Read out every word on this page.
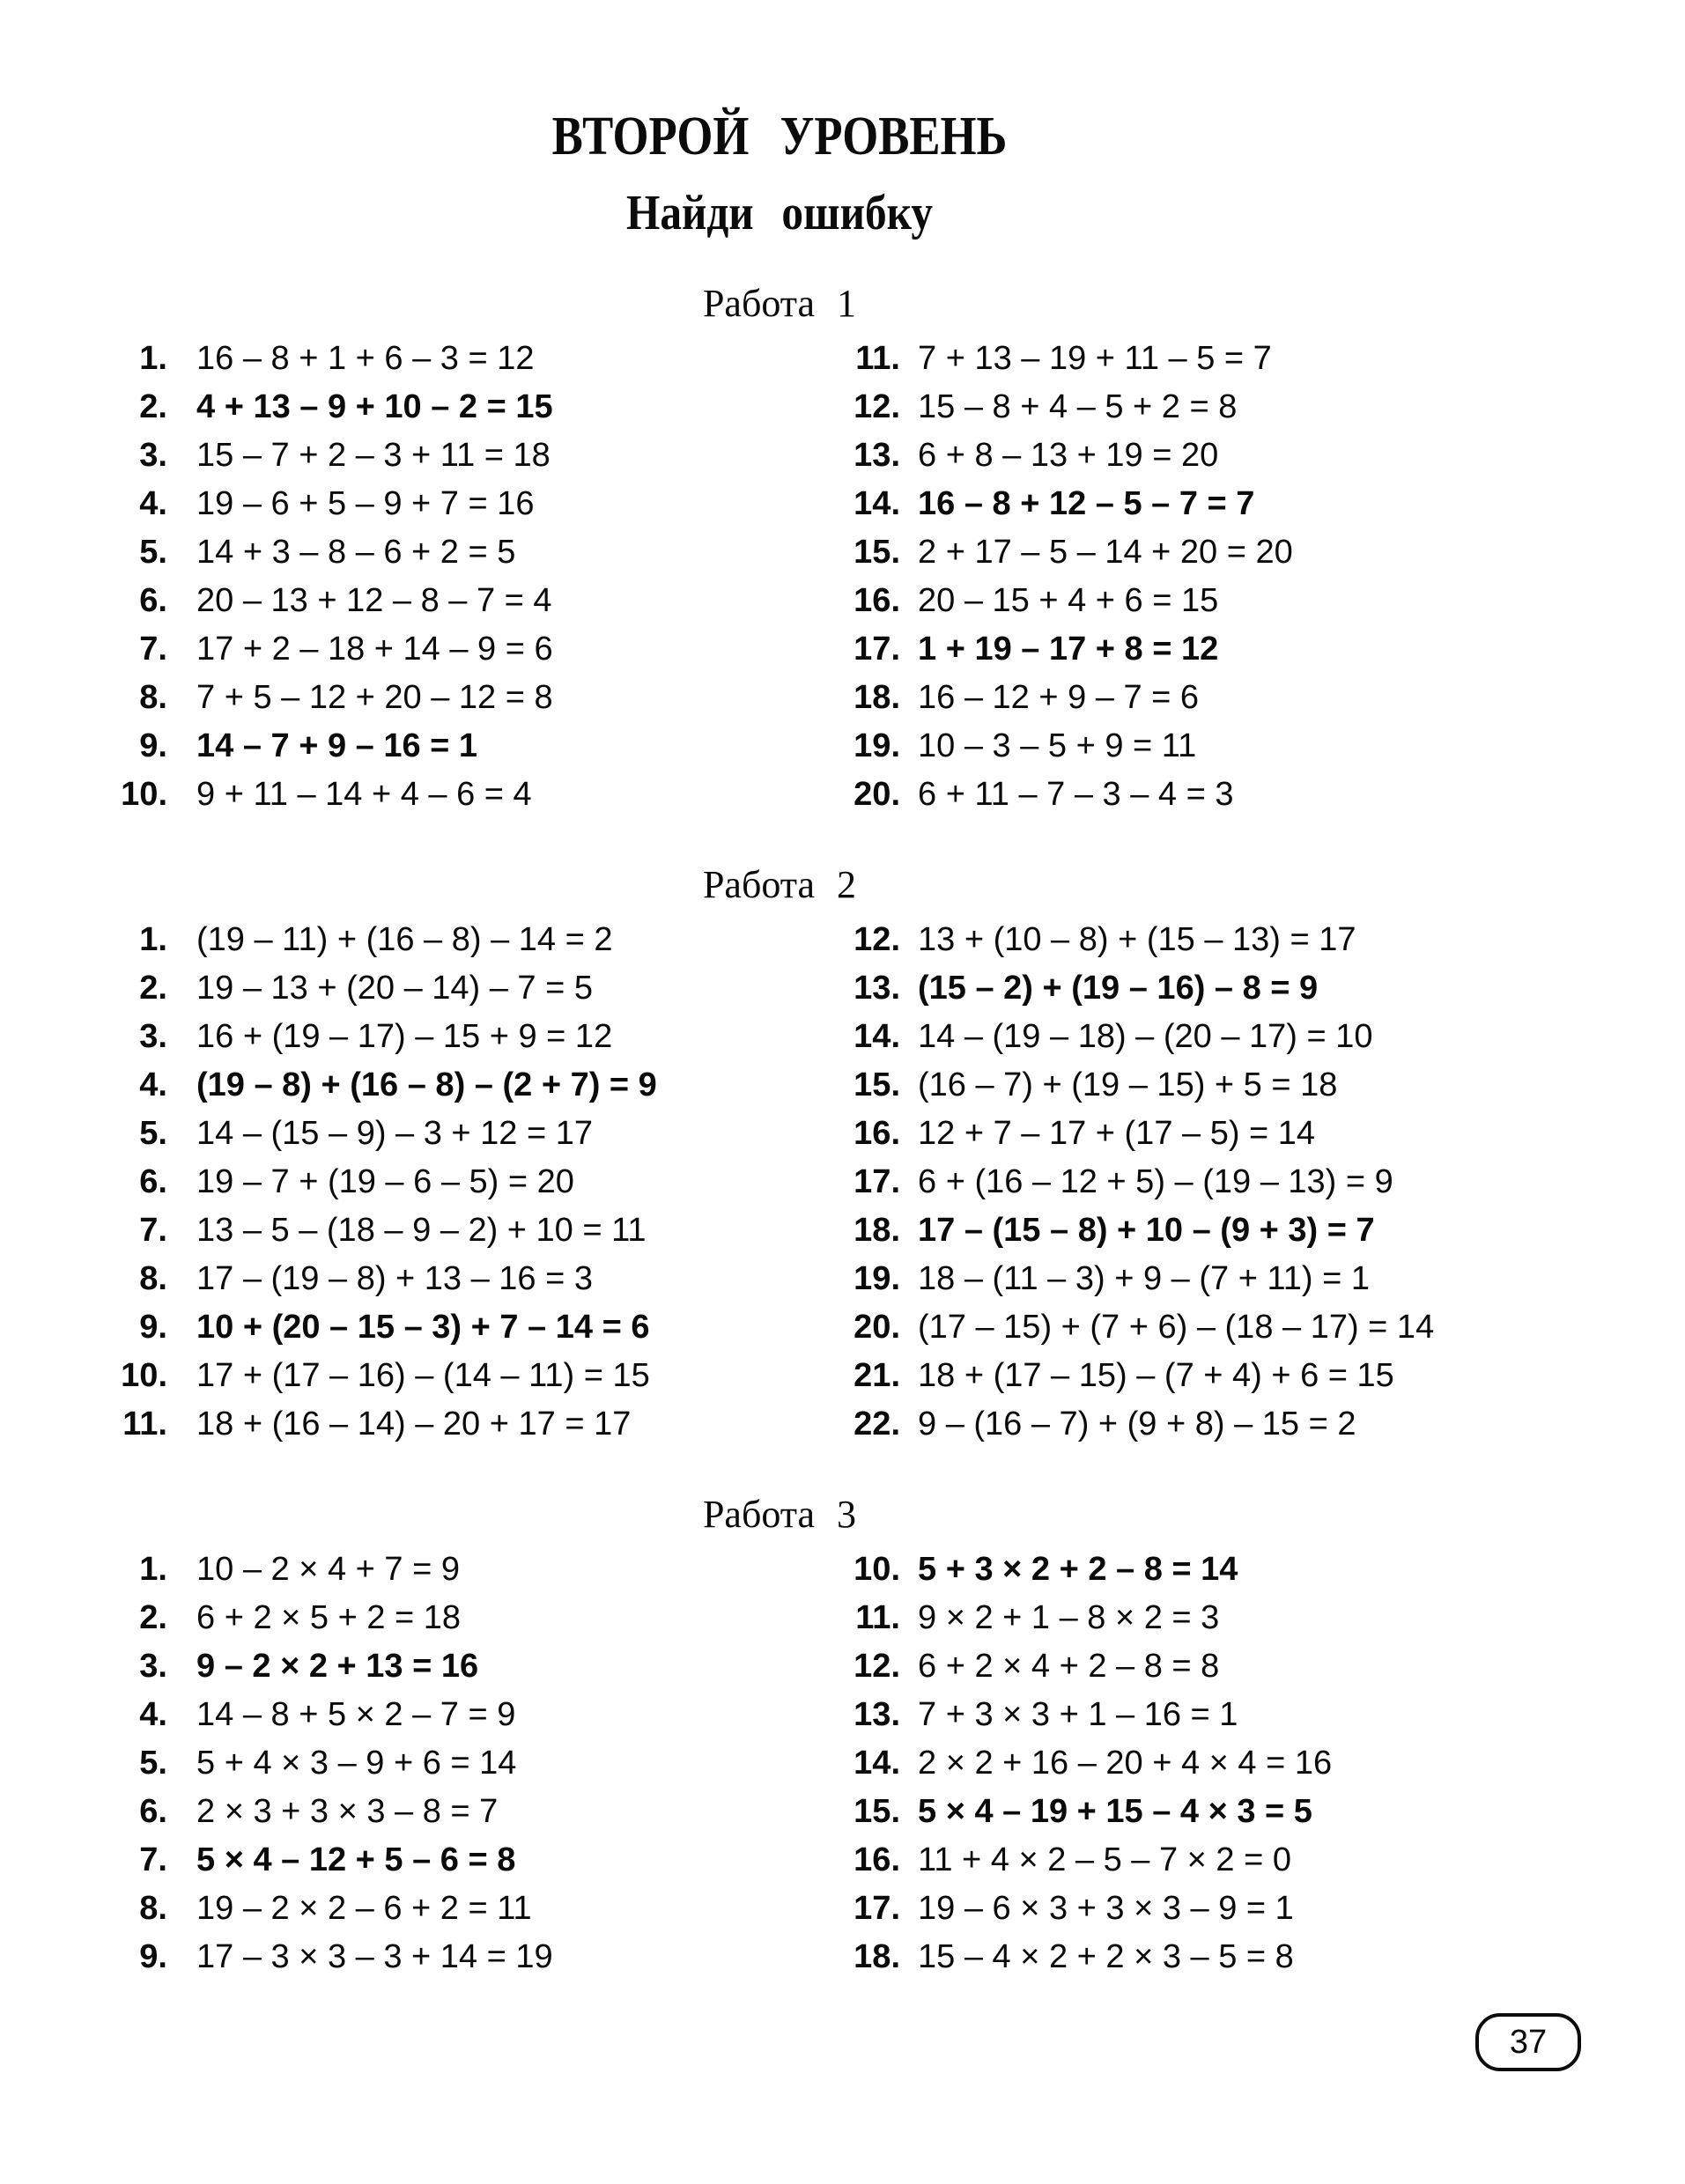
ВТОРОЙ УРОВЕНЬ
Найди ошибку
Работа 1
1. 16 – 8 + 1 + 6 – 3 = 12
2. 4 + 13 – 9 + 10 – 2 = 15
3. 15 – 7 + 2 – 3 + 11 = 18
4. 19 – 6 + 5 – 9 + 7 = 16
5. 14 + 3 – 8 – 6 + 2 = 5
6. 20 – 13 + 12 – 8 – 7 = 4
7. 17 + 2 – 18 + 14 – 9 = 6
8. 7 + 5 – 12 + 20 – 12 = 8
9. 14 – 7 + 9 – 16 = 1
10. 9 + 11 – 14 + 4 – 6 = 4
11. 7 + 13 – 19 + 11 – 5 = 7
12. 15 – 8 + 4 – 5 + 2 = 8
13. 6 + 8 – 13 + 19 = 20
14. 16 – 8 + 12 – 5 – 7 = 7
15. 2 + 17 – 5 – 14 + 20 = 20
16. 20 – 15 + 4 + 6 = 15
17. 1 + 19 – 17 + 8 = 12
18. 16 – 12 + 9 – 7 = 6
19. 10 – 3 – 5 + 9 = 11
20. 6 + 11 – 7 – 3 – 4 = 3
Работа 2
1. (19 – 11) + (16 – 8) – 14 = 2
2. 19 – 13 + (20 – 14) – 7 = 5
3. 16 + (19 – 17) – 15 + 9 = 12
4. (19 – 8) + (16 – 8) – (2 + 7) = 9
5. 14 – (15 – 9) – 3 + 12 = 17
6. 19 – 7 + (19 – 6 – 5) = 20
7. 13 – 5 – (18 – 9 – 2) + 10 = 11
8. 17 – (19 – 8) + 13 – 16 = 3
9. 10 + (20 – 15 – 3) + 7 – 14 = 6
10. 17 + (17 – 16) – (14 – 11) = 15
11. 18 + (16 – 14) – 20 + 17 = 17
12. 13 + (10 – 8) + (15 – 13) = 17
13. (15 – 2) + (19 – 16) – 8 = 9
14. 14 – (19 – 18) – (20 – 17) = 10
15. (16 – 7) + (19 – 15) + 5 = 18
16. 12 + 7 – 17 + (17 – 5) = 14
17. 6 + (16 – 12 + 5) – (19 – 13) = 9
18. 17 – (15 – 8) + 10 – (9 + 3) = 7
19. 18 – (11 – 3) + 9 – (7 + 11) = 1
20. (17 – 15) + (7 + 6) – (18 – 17) = 14
21. 18 + (17 – 15) – (7 + 4) + 6 = 15
22. 9 – (16 – 7) + (9 + 8) – 15 = 2
Работа 3
1. 10 – 2 × 4 + 7 = 9
2. 6 + 2 × 5 + 2 = 18
3. 9 – 2 × 2 + 13 = 16
4. 14 – 8 + 5 × 2 – 7 = 9
5. 5 + 4 × 3 – 9 + 6 = 14
6. 2 × 3 + 3 × 3 – 8 = 7
7. 5 × 4 – 12 + 5 – 6 = 8
8. 19 – 2 × 2 – 6 + 2 = 11
9. 17 – 3 × 3 – 3 + 14 = 19
10. 5 + 3 × 2 + 2 – 8 = 14
11. 9 × 2 + 1 – 8 × 2 = 3
12. 6 + 2 × 4 + 2 – 8 = 8
13. 7 + 3 × 3 + 1 – 16 = 1
14. 2 × 2 + 16 – 20 + 4 × 4 = 16
15. 5 × 4 – 19 + 15 – 4 × 3 = 5
16. 11 + 4 × 2 – 5 – 7 × 2 = 0
17. 19 – 6 × 3 + 3 × 3 – 9 = 1
18. 15 – 4 × 2 + 2 × 3 – 5 = 8
37
